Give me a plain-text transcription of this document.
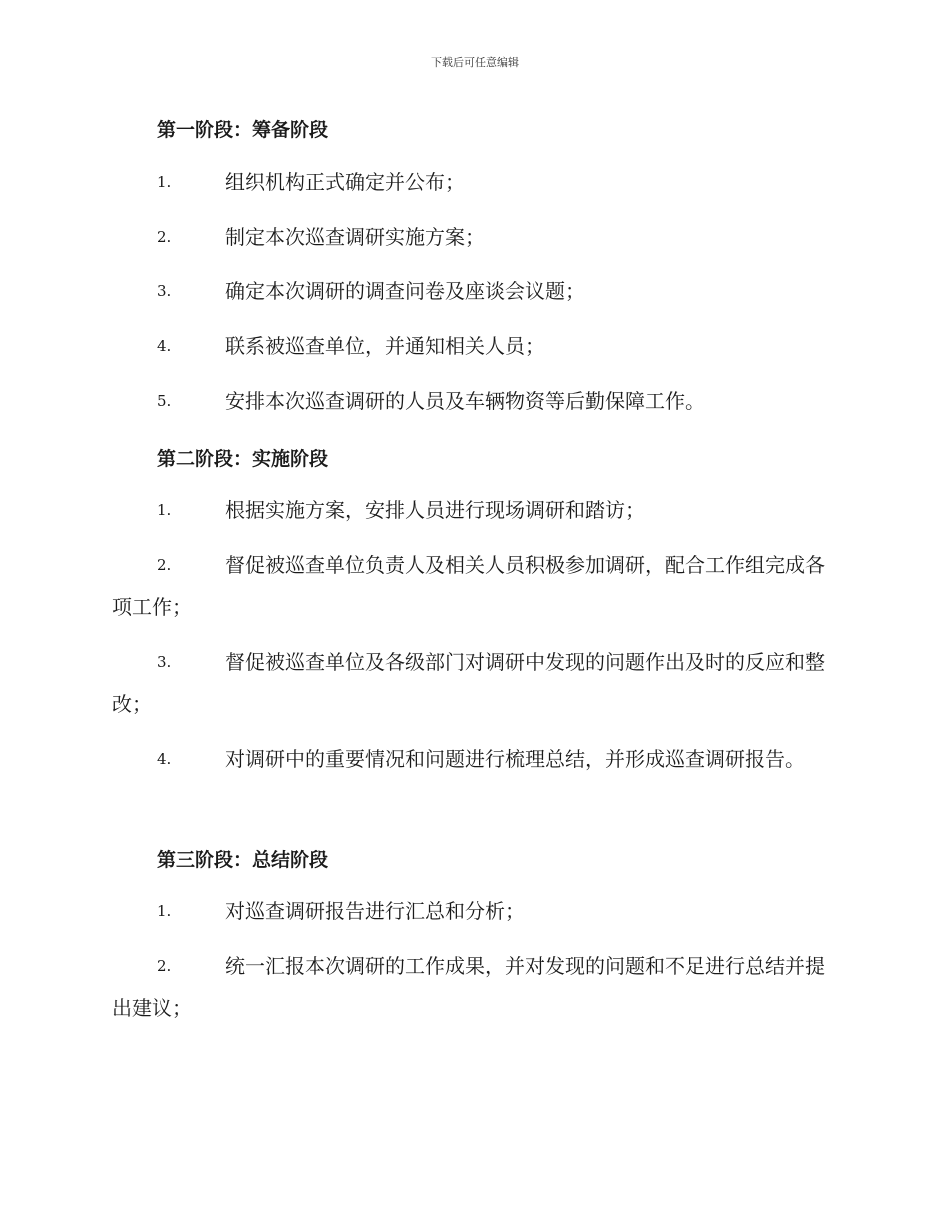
下载后可任意编辑
第一阶段：筹备阶段
1.	组织机构正式确定并公布；
2.	制定本次巡查调研实施方案；
3.	确定本次调研的调查问卷及座谈会议题；
4.	联系被巡查单位，并通知相关人员；
5.	安排本次巡查调研的人员及车辆物资等后勤保障工作。
第二阶段：实施阶段
1.	根据实施方案，安排人员进行现场调研和踏访；
2.	督促被巡查单位负责人及相关人员积极参加调研，配合工作组完成各项工作；
3.	督促被巡查单位及各级部门对调研中发现的问题作出及时的反应和整改；
4.	对调研中的重要情况和问题进行梳理总结，并形成巡查调研报告。
第三阶段：总结阶段
1.	对巡查调研报告进行汇总和分析；
2.	统一汇报本次调研的工作成果，并对发现的问题和不足进行总结并提出建议；
